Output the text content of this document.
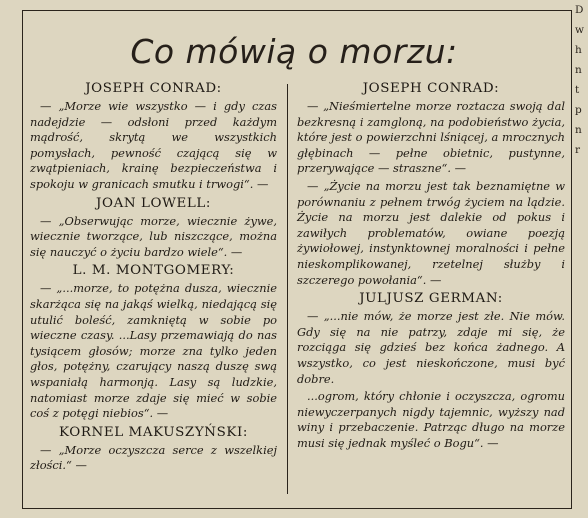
Co mówią o morzu:
JOSEPH CONRAD:

— „Morze wie wszystko — i gdy czas nadejdzie — odsłoni przed każdym mądrość, skrytą we wszystkich pomysłach, pewność czającą się w zwątpieniach, krainę bezpieczeństwa i spokoju w granicach smutku i trwogi“. —

JOAN LOWELL:

— „Obserwując morze, wiecznie żywe, wiecznie tworzące, lub niszczące, można się nauczyć o życiu bardzo wiele“. —

L. M. MONTGOMERY:

— „...morze, to potężna dusza, wiecznie skarżąca się na jakąś wielką, niedającą się utulić boleść, zamkniętą w sobie po wieczne czasy. ...Lasy przemawiają do nas tysiącem głosów; morze zna tylko jeden głos, potężny, czarujący naszą duszę swą wspaniałą harmonją. Lasy są ludzkie, natomiast morze zdaje się mieć w sobie coś z potęgi niebios“. —

KORNEL MAKUSZYŃSKI:

— „Morze oczyszcza serce z wszelkiej złości.“ —

JOSEPH CONRAD:

— „Nieśmiertelne morze roztacza swoją dal bezkresną i zamgloną, na podobieństwo życia, które jest o powierzchni lśniącej, a mrocznych głębinach — pełne obietnic, pustynne, przerywające — straszne“. —

— „Życie na morzu jest tak beznamiętne w porównaniu z pełnem trwóg życiem na lądzie. Życie na morzu jest dalekie od pokus i zawiłych problematów, owiane poezją żywiołowej, instynktownej moralności i pełne nieskomplikowanej, rzetelnej służby i szczerego powołania“. —

JULJUSZ GERMAN:

— „...nie mów, że morze jest złe. Nie mów. Gdy się na nie patrzy, zdaje mi się, że rozciąga się gdzieś bez końca żadnego. A wszystko, co jest nieskończone, musi być dobre.

...ogrom, który chłonie i oczyszcza, ogromu niewyczerpanych nigdy tajemnic, wyższy nad winy i przebaczenie. Patrząc długo na morze musi się jednak myśleć o Bogu“. —

D
w
h
n
t
p
n
r
